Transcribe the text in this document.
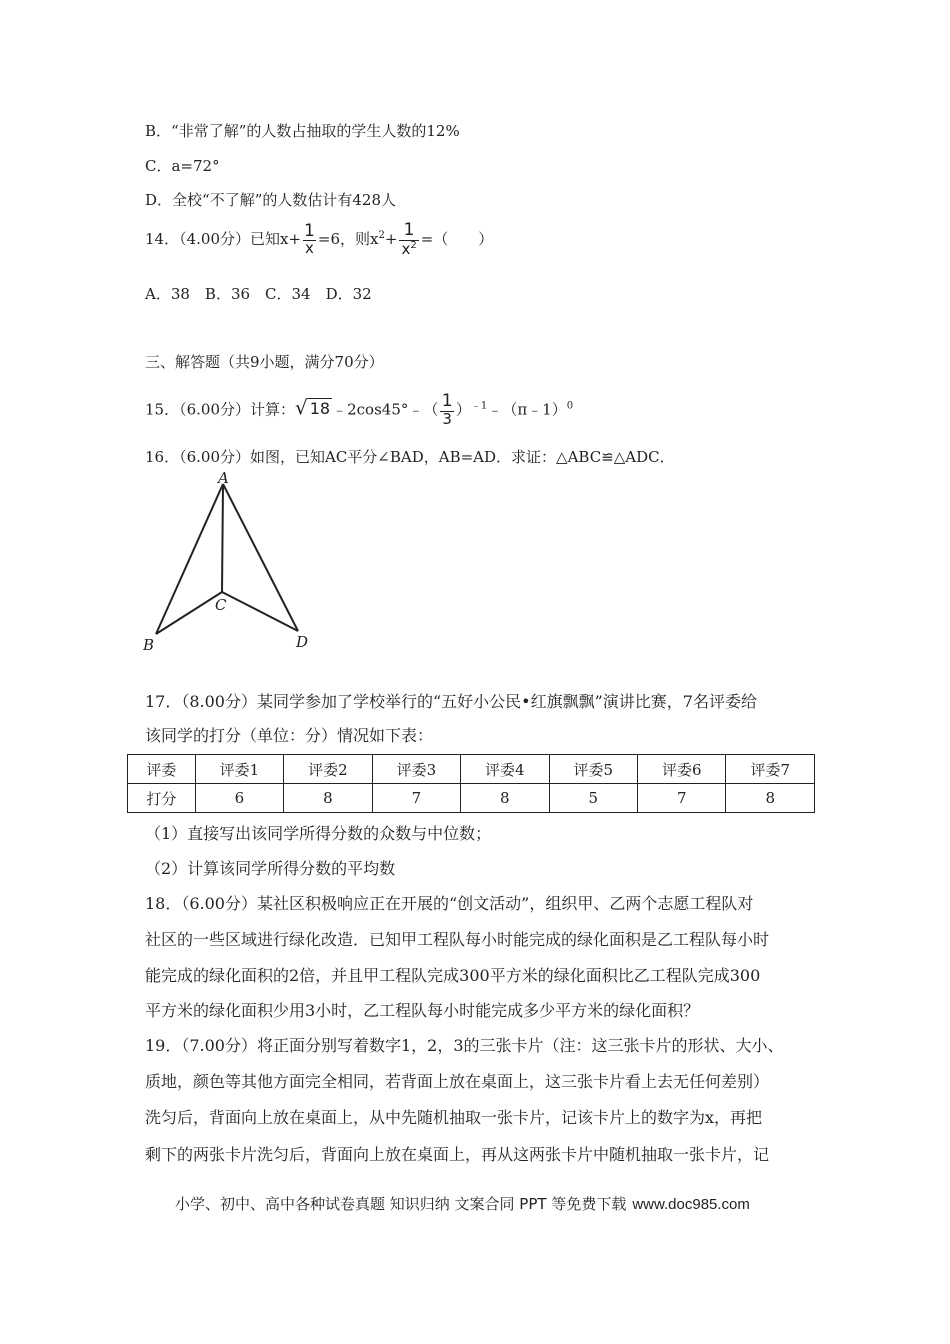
B．“非常了解”的人数占抽取的学生人数的12%
C．a=72°
D．全校“不了解”的人数估计有428人
14．（4.00分）已知$x+ \frac{1}{x} =6$，则$x^2+ \frac{1}{x^2}$ =（　　）
A．38　B．36　C．34　D．32
三、解答题（共9小题，满分70分）
15．（6.00分）计算：√ 18 ﹣2cos45°﹣（ $\frac{1}{3}$ ）$^{﹣1}$﹣（π﹣1）$^0$
16．（6.00分）如图，已知AC平分∠BAD，AB=AD．求证：△ABC≌△ADC．
A
B
C
D
17．（8.00分）某同学参加了学校举行的“五好小公民•红旗飘飘”演讲比赛，7名评委给
该同学的打分（单位：分）情况如下表：
评委	评委1	评委2	评委3	评委4	评委5	评委6	评委7
打分	6	8	7	8	5	7	8
（1）直接写出该同学所得分数的众数与中位数；
（2）计算该同学所得分数的平均数
18．（6.00分）某社区积极响应正在开展的“创文活动”，组织甲、乙两个志愿工程队对
社区的一些区域进行绿化改造．已知甲工程队每小时能完成的绿化面积是乙工程队每小时
能完成的绿化面积的2倍，并且甲工程队完成300平方米的绿化面积比乙工程队完成300
平方米的绿化面积少用3小时，乙工程队每小时能完成多少平方米的绿化面积？
19．（7.00分）将正面分别写着数字1，2，3的三张卡片（注：这三张卡片的形状、大小、
质地，颜色等其他方面完全相同，若背面上放在桌面上，这三张卡片看上去无任何差别）
洗匀后，背面向上放在桌面上，从中先随机抽取一张卡片，记该卡片上的数字为x，再把
剩下的两张卡片洗匀后，背面向上放在桌面上，再从这两张卡片中随机抽取一张卡片，记
小学、初中、高中各种试卷真题 知识归纳 文案合同 PPT 等免费下载 www.doc985.com
